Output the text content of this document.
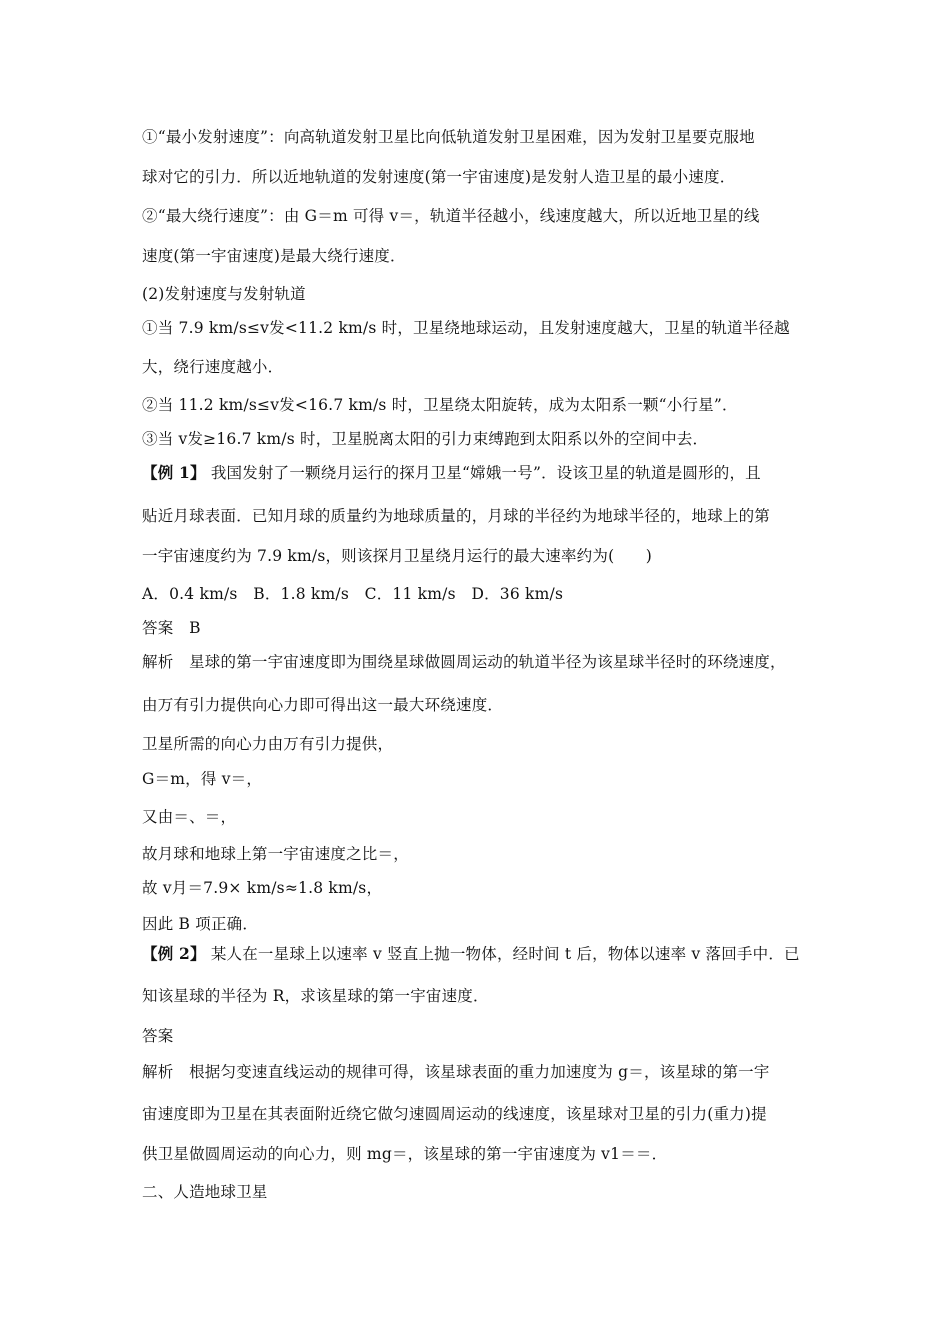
①“最小发射速度”：向高轨道发射卫星比向低轨道发射卫星困难，因为发射卫星要克服地
球对它的引力．所以近地轨道的发射速度(第一宇宙速度)是发射人造卫星的最小速度．
②“最大绕行速度”：由 G＝m 可得 v＝，轨道半径越小，线速度越大，所以近地卫星的线
速度(第一宇宙速度)是最大绕行速度．
(2)发射速度与发射轨道
①当 7.9 km/s≤v发<11.2 km/s 时，卫星绕地球运动，且发射速度越大，卫星的轨道半径越
大，绕行速度越小．
②当 11.2 km/s≤v发<16.7 km/s 时，卫星绕太阳旋转，成为太阳系一颗“小行星”．
③当 v发≥16.7 km/s 时，卫星脱离太阳的引力束缚跑到太阳系以外的空间中去．
【例 1】 我国发射了一颗绕月运行的探月卫星“嫦娥一号”．设该卫星的轨道是圆形的，且
贴近月球表面．已知月球的质量约为地球质量的，月球的半径约为地球半径的，地球上的第
一宇宙速度约为 7.9 km/s，则该探月卫星绕月运行的最大速率约为(　　)
A．0.4 km/s　B．1.8 km/s　C．11 km/s　D．36 km/s
答案　B
解析　星球的第一宇宙速度即为围绕星球做圆周运动的轨道半径为该星球半径时的环绕速度，
由万有引力提供向心力即可得出这一最大环绕速度．
卫星所需的向心力由万有引力提供，
G＝m，得 v＝，
又由＝、＝，
故月球和地球上第一宇宙速度之比＝，
故 v月＝7.9× km/s≈1.8 km/s，
因此 B 项正确．
【例 2】 某人在一星球上以速率 v 竖直上抛一物体，经时间 t 后，物体以速率 v 落回手中．已
知该星球的半径为 R，求该星球的第一宇宙速度．
答案
解析　根据匀变速直线运动的规律可得，该星球表面的重力加速度为 g＝，该星球的第一宇
宙速度即为卫星在其表面附近绕它做匀速圆周运动的线速度，该星球对卫星的引力(重力)提
供卫星做圆周运动的向心力，则 mg＝，该星球的第一宇宙速度为 v1＝＝．
二、人造地球卫星
